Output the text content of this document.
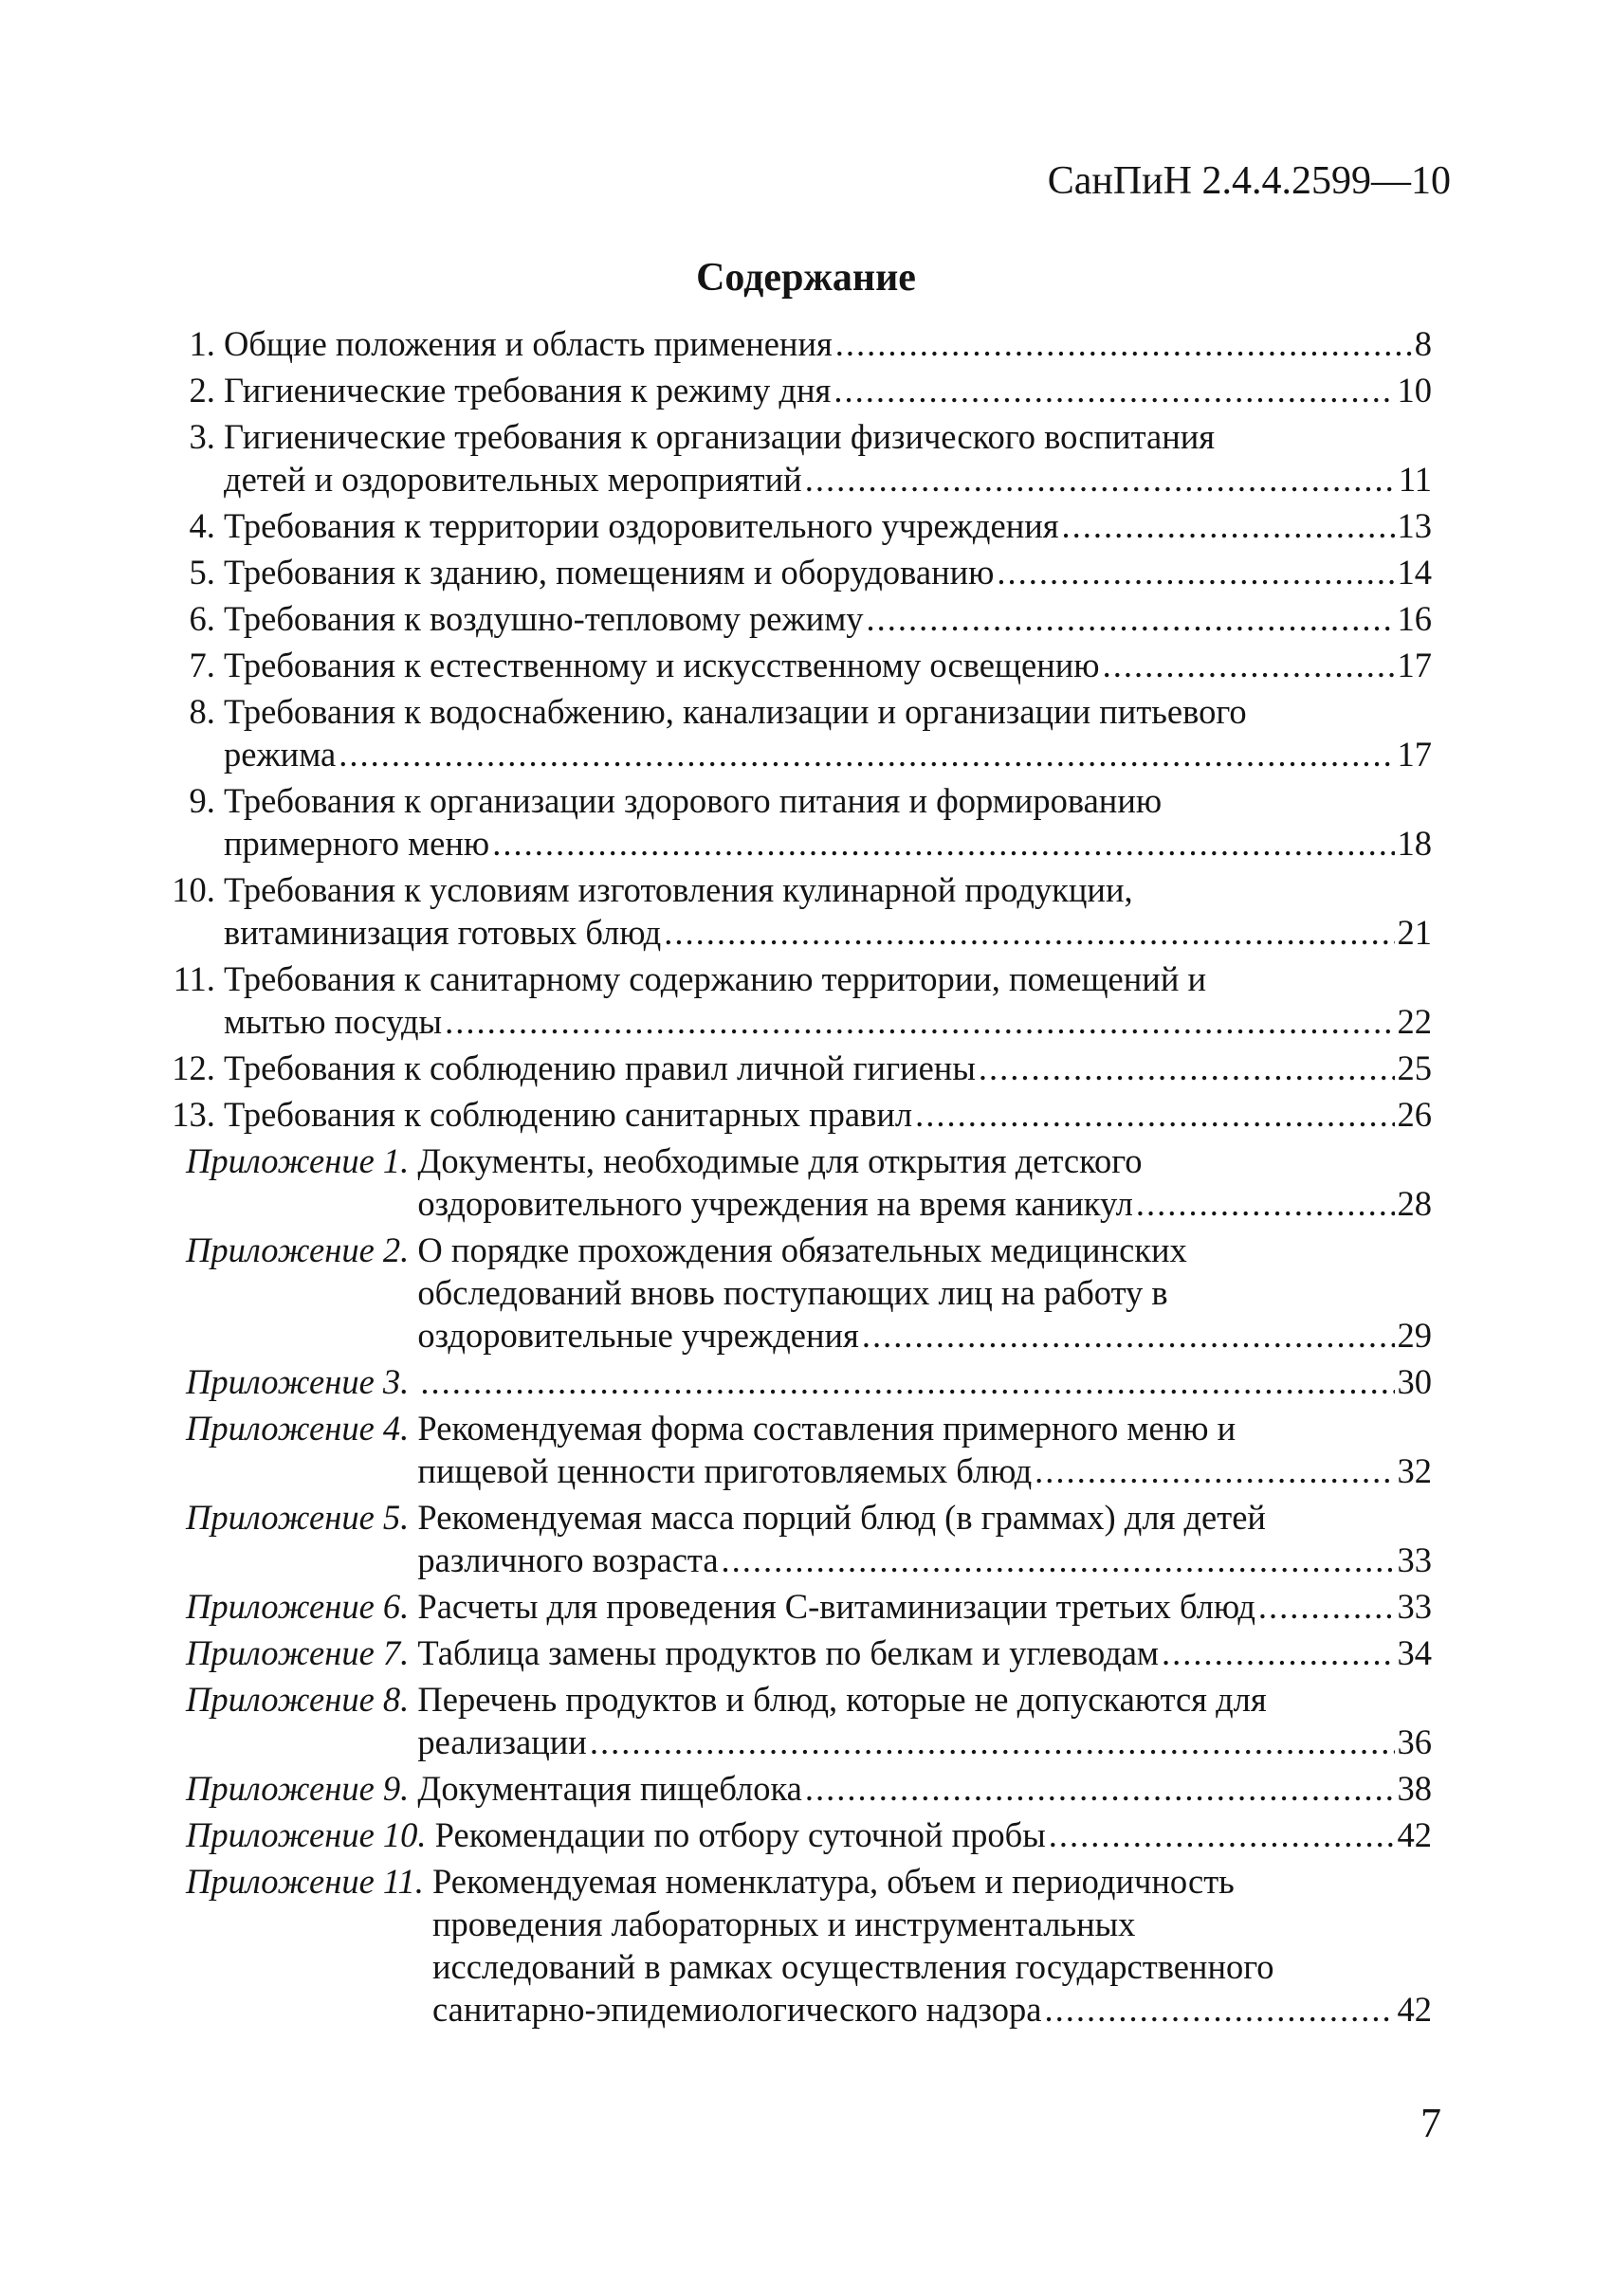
СанПиН 2.4.4.2599—10
Содержание
1. Общие положения и область применения .....	8
2. Гигиенические требования к режиму дня .....	10
3. Гигиенические требования к организации физического воспитания
детей и оздоровительных мероприятий .....	11
4. Требования к территории оздоровительного учреждения .....	13
5. Требования к зданию, помещениям и оборудованию .....	14
6. Требования к воздушно-тепловому режиму .....	16
7. Требования к естественному и искусственному освещению .....	17
8. Требования к водоснабжению, канализации и организации питьевого
режима .....	17
9. Требования к организации здорового питания и формированию
примерного меню .....	18
10. Требования к условиям изготовления кулинарной продукции,
витаминизация готовых блюд .....	21
11. Требования к санитарному содержанию территории, помещений и
мытью посуды .....	22
12. Требования к соблюдению правил личной гигиены .....	25
13. Требования к соблюдению санитарных правил .....	26
Приложение 1. Документы, необходимые для открытия детского
оздоровительного учреждения на время каникул .....	28
Приложение 2. О порядке прохождения обязательных медицинских
обследований вновь поступающих лиц на работу в
оздоровительные учреждения .....	29
Приложение 3. .....	30
Приложение 4. Рекомендуемая форма составления примерного меню и
пищевой ценности приготовляемых блюд .....	32
Приложение 5. Рекомендуемая масса порций блюд (в граммах) для детей
различного возраста .....	33
Приложение 6. Расчеты для проведения С-витаминизации третьих блюд .....	33
Приложение 7. Таблица замены продуктов по белкам и углеводам .....	34
Приложение 8. Перечень продуктов и блюд, которые не допускаются для
реализации .....	36
Приложение 9. Документация пищеблока .....	38
Приложение 10. Рекомендации по отбору суточной пробы .....	42
Приложение 11. Рекомендуемая номенклатура, объем и периодичность
проведения лабораторных и инструментальных
исследований в рамках осуществления государственного
санитарно-эпидемиологического надзора .....	42
7
